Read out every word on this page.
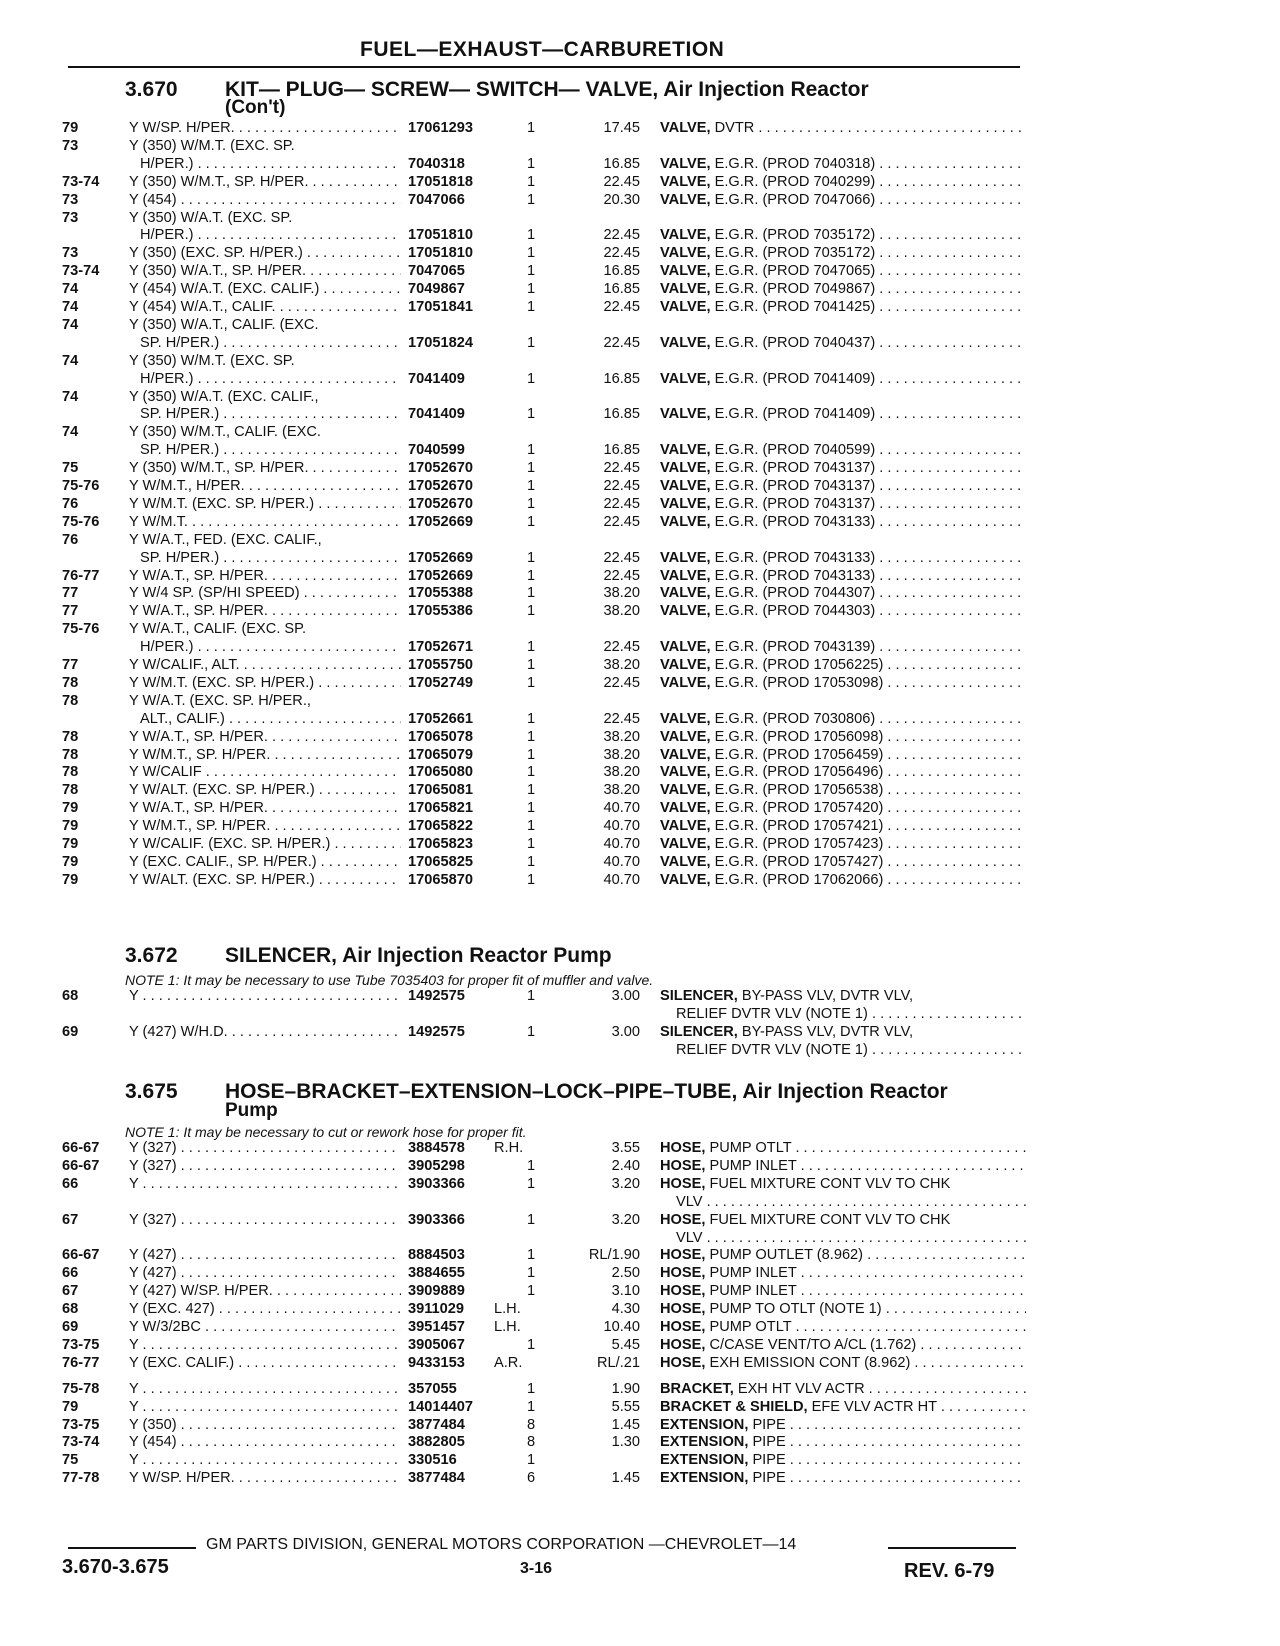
FUEL—EXHAUST—CARBURETION
3.670 KIT— PLUG— SCREW— SWITCH— VALVE, Air Injection Reactor
(Con't)
79	Y W/SP. H/PER. . . .	17061293	1	17.45 VALVE, DVTR . . .
73	Y (350) W/M.T. (EXC. SP.
H/PER.) . . .	7040318	1	16.85 VALVE, E.G.R. (PROD 7040318) . . .
73-74 Y (350) W/M.T., SP. H/PER. . . .	17051818	1	22.45 VALVE, E.G.R. (PROD 7040299) . . .
73	Y (454) . . .	7047066	1	20.30 VALVE, E.G.R. (PROD 7047066) . . .
73	Y (350) W/A.T. (EXC. SP.
H/PER.) . . .	17051810	1	22.45 VALVE, E.G.R. (PROD 7035172) . . .
73	Y (350) (EXC. SP. H/PER.) . . .	17051810	1	22.45 VALVE, E.G.R. (PROD 7035172) . . .
73-74 Y (350) W/A.T., SP. H/PER. . . .	7047065	1	16.85 VALVE, E.G.R. (PROD 7047065) . . .
74	Y (454) W/A.T. (EXC. CALIF.) . . .	7049867	1	16.85 VALVE, E.G.R. (PROD 7049867) . . .
74	Y (454) W/A.T., CALIF. . . .	17051841	1	22.45 VALVE, E.G.R. (PROD 7041425) . . .
74	Y (350) W/A.T., CALIF. (EXC.
SP. H/PER.) . . .	17051824	1	22.45 VALVE, E.G.R. (PROD 7040437) . . .
74	Y (350) W/M.T. (EXC. SP.
H/PER.) . . .	7041409	1	16.85 VALVE, E.G.R. (PROD 7041409) . . .
74	Y (350) W/A.T. (EXC. CALIF.,
SP. H/PER.) . . .	7041409	1	16.85 VALVE, E.G.R. (PROD 7041409) . . .
74	Y (350) W/M.T., CALIF. (EXC.
SP. H/PER.) . . .	7040599	1	16.85 VALVE, E.G.R. (PROD 7040599) . . .
75	Y (350) W/M.T., SP. H/PER. . . .	17052670	1	22.45 VALVE, E.G.R. (PROD 7043137) . . .
75-76 Y W/M.T., H/PER. . . .	17052670	1	22.45 VALVE, E.G.R. (PROD 7043137) . . .
76	Y W/M.T. (EXC. SP. H/PER.) . . .	17052670	1	22.45 VALVE, E.G.R. (PROD 7043137) . . .
75-76 Y W/M.T. . . .	17052669	1	22.45 VALVE, E.G.R. (PROD 7043133) . . .
76	Y W/A.T., FED. (EXC. CALIF.,
SP. H/PER.) . . .	17052669	1	22.45 VALVE, E.G.R. (PROD 7043133) . . .
76-77 Y W/A.T., SP. H/PER. . . .	17052669	1	22.45 VALVE, E.G.R. (PROD 7043133) . . .
77	Y W/4 SP. (SP/HI SPEED) . . .	17055388	1	38.20 VALVE, E.G.R. (PROD 7044307) . . .
77	Y W/A.T., SP. H/PER. . . .	17055386	1	38.20 VALVE, E.G.R. (PROD 7044303) . . .
75-76 Y W/A.T., CALIF. (EXC. SP.
H/PER.) . . .	17052671	1	22.45 VALVE, E.G.R. (PROD 7043139) . . .
77	Y W/CALIF., ALT. . . .	17055750	1	38.20 VALVE, E.G.R. (PROD 17056225) . . .
78	Y W/M.T. (EXC. SP. H/PER.) . . .	17052749	1	22.45 VALVE, E.G.R. (PROD 17053098) . . .
78	Y W/A.T. (EXC. SP. H/PER.,
ALT., CALIF.) . . .	17052661	1	22.45 VALVE, E.G.R. (PROD 7030806) . . .
78	Y W/A.T., SP. H/PER. . . .	17065078	1	38.20 VALVE, E.G.R. (PROD 17056098) . . .
78	Y W/M.T., SP. H/PER. . . .	17065079	1	38.20 VALVE, E.G.R. (PROD 17056459) . . .
78	Y W/CALIF . . .	17065080	1	38.20 VALVE, E.G.R. (PROD 17056496) . . .
78	Y W/ALT. (EXC. SP. H/PER.) . . .	17065081	1	38.20 VALVE, E.G.R. (PROD 17056538) . . .
79	Y W/A.T., SP. H/PER. . . .	17065821	1	40.70 VALVE, E.G.R. (PROD 17057420) . . .
79	Y W/M.T., SP. H/PER. . . .	17065822	1	40.70 VALVE, E.G.R. (PROD 17057421) . . .
79	Y W/CALIF. (EXC. SP. H/PER.) . . .	17065823	1	40.70 VALVE, E.G.R. (PROD 17057423) . . .
79	Y (EXC. CALIF., SP. H/PER.) . . .	17065825	1	40.70 VALVE, E.G.R. (PROD 17057427) . . .
79	Y W/ALT. (EXC. SP. H/PER.) . . .	17065870	1	40.70 VALVE, E.G.R. (PROD 17062066) . . .
3.672 SILENCER, Air Injection Reactor Pump
NOTE 1: It may be necessary to use Tube 7035403 for proper fit of muffler and valve.
68	Y . . .	1492575	1	3.00 SILENCER, BY-PASS VLV, DVTR VLV,
RELIEF DVTR VLV (NOTE 1) . . .
69	Y (427) W/H.D. . . .	1492575	1	3.00 SILENCER, BY-PASS VLV, DVTR VLV,
RELIEF DVTR VLV (NOTE 1) . . .
3.675 HOSE–BRACKET–EXTENSION–LOCK–PIPE–TUBE, Air Injection Reactor
Pump
NOTE 1: It may be necessary to cut or rework hose for proper fit.
66-67 Y (327) . . .	3884578 R.H.	3.55 HOSE, PUMP OTLT . . .
66-67 Y (327) . . .	3905298	1	2.40 HOSE, PUMP INLET . . .
66	Y . . .	3903366	1	3.20 HOSE, FUEL MIXTURE CONT VLV TO CHK
VLV . . .
67	Y (327) . . .	3903366	1	3.20 HOSE, FUEL MIXTURE CONT VLV TO CHK
VLV . . .
66-67 Y (427) . . .	8884503	1	RL/1.90 HOSE, PUMP OUTLET (8.962) . . .
66	Y (427) . . .	3884655	1	2.50 HOSE, PUMP INLET . . .
67	Y (427) W/SP. H/PER. . . .	3909889	1	3.10 HOSE, PUMP INLET . . .
68	Y (EXC. 427) . . .	3911029 L.H.	4.30 HOSE, PUMP TO OTLT (NOTE 1) . . .
69	Y W/3/2BC . . .	3951457 L.H.	10.40 HOSE, PUMP OTLT . . .
73-75 Y . . .	3905067	1	5.45 HOSE, C/CASE VENT/TO A/CL (1.762) . . .
76-77 Y (EXC. CALIF.) . . .	9433153 A.R.	RL/.21 HOSE, EXH EMISSION CONT (8.962) . . .
75-78 Y . . .	357055	1	1.90 BRACKET, EXH HT VLV ACTR . . .
79	Y . . .	14014407	1	5.55 BRACKET & SHIELD, EFE VLV ACTR HT . . .
73-75 Y (350) . . .	3877484	8	1.45 EXTENSION, PIPE . . .
73-74 Y (454) . . .	3882805	8	1.30 EXTENSION, PIPE . . .
75	Y . . .	330516	1	EXTENSION, PIPE . . .
77-78 Y W/SP. H/PER. . . .	3877484	6	1.45 EXTENSION, PIPE . . .
GM PARTS DIVISION, GENERAL MOTORS CORPORATION —CHEVROLET—14
3.670-3.675	3-16	REV. 6-79
